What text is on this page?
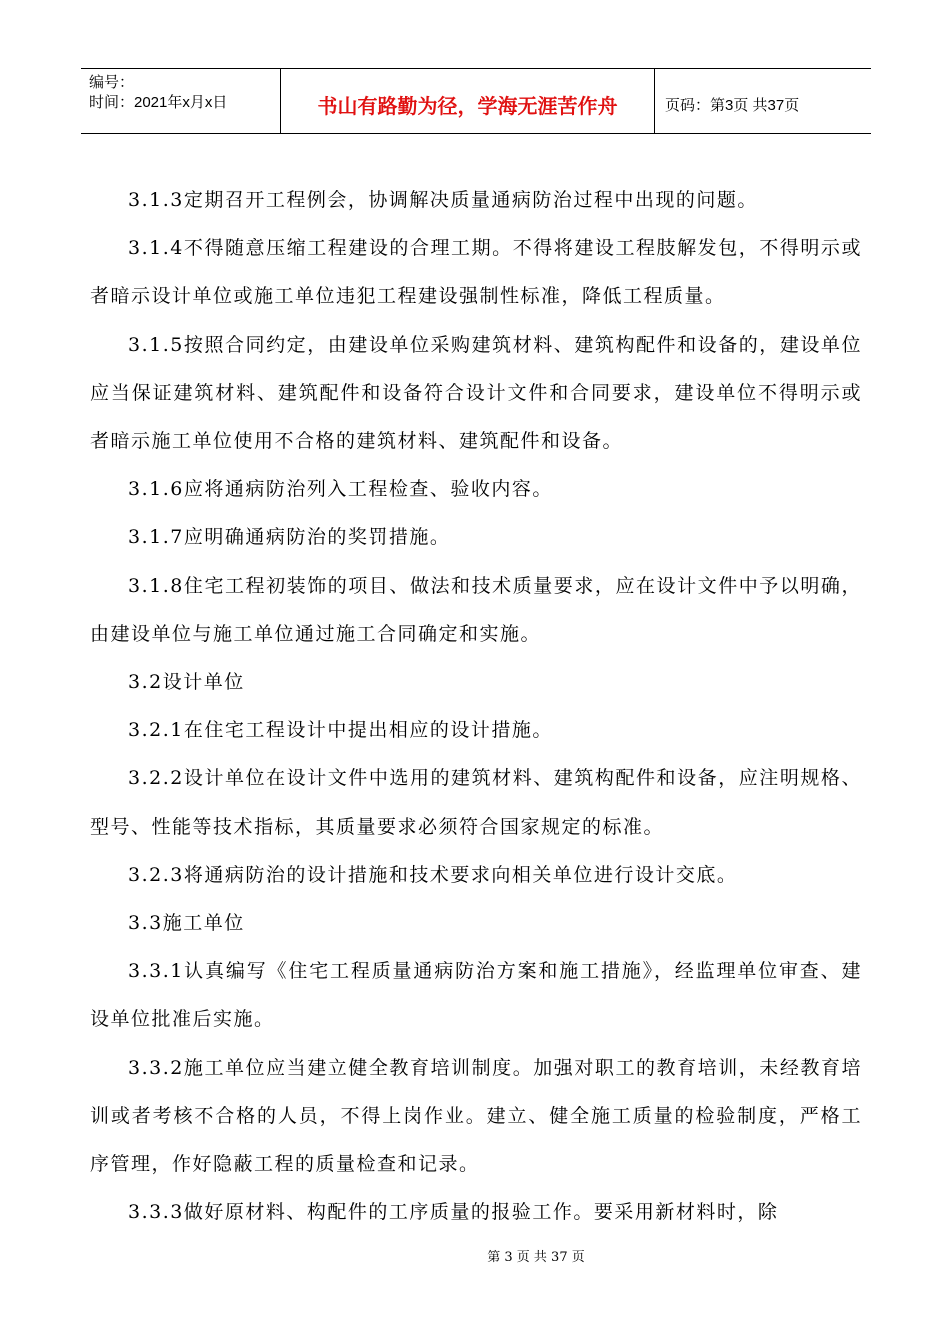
编号：
时间：2021年x月x日	书山有路勤为径，学海无涯苦作舟	页码：第3页 共37页

3.1.3定期召开工程例会，协调解决质量通病防治过程中出现的问题。

3.1.4不得随意压缩工程建设的合理工期。不得将建设工程肢解发包，不得明示或者暗示设计单位或施工单位违犯工程建设强制性标准，降低工程质量。

3.1.5按照合同约定，由建设单位采购建筑材料、建筑构配件和设备的，建设单位应当保证建筑材料、建筑配件和设备符合设计文件和合同要求，建设单位不得明示或者暗示施工单位使用不合格的建筑材料、建筑配件和设备。

3.1.6应将通病防治列入工程检查、验收内容。

3.1.7应明确通病防治的奖罚措施。

3.1.8住宅工程初装饰的项目、做法和技术质量要求，应在设计文件中予以明确，由建设单位与施工单位通过施工合同确定和实施。

3.2设计单位

3.2.1在住宅工程设计中提出相应的设计措施。

3.2.2设计单位在设计文件中选用的建筑材料、建筑构配件和设备，应注明规格、型号、性能等技术指标，其质量要求必须符合国家规定的标准。

3.2.3将通病防治的设计措施和技术要求向相关单位进行设计交底。

3.3施工单位

3.3.1认真编写《住宅工程质量通病防治方案和施工措施》，经监理单位审查、建设单位批准后实施。

3.3.2施工单位应当建立健全教育培训制度。加强对职工的教育培训，未经教育培训或者考核不合格的人员，不得上岗作业。建立、健全施工质量的检验制度，严格工序管理，作好隐蔽工程的质量检查和记录。

3.3.3做好原材料、构配件的工序质量的报验工作。要采用新材料时，除

第 3 页 共 37 页
